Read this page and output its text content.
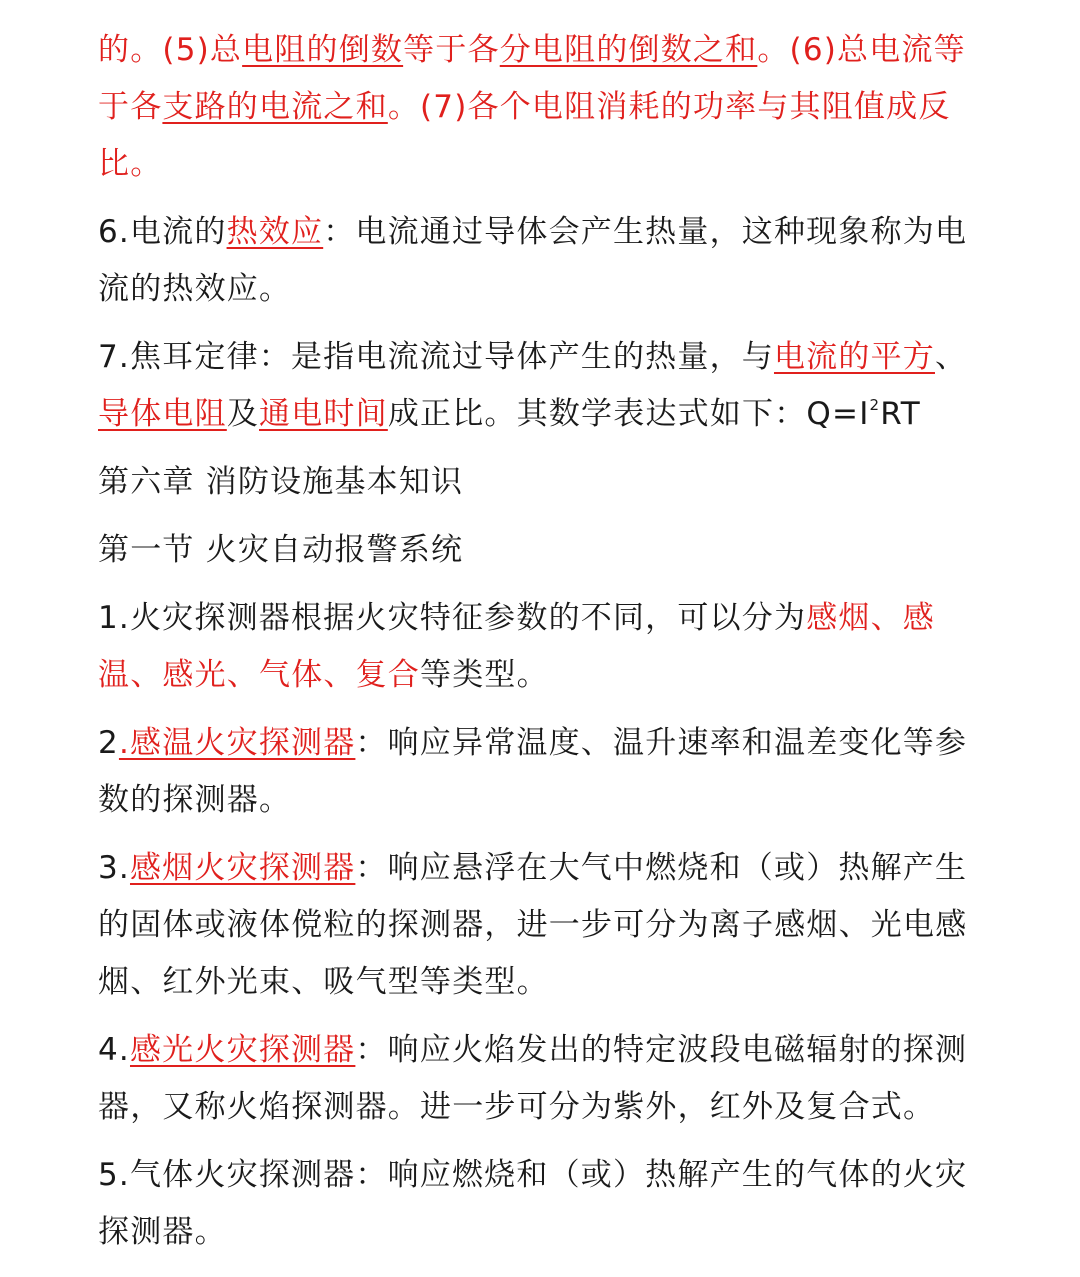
的。(5)总电阻的倒数等于各分电阻的倒数之和。(6)总电流等于各支路的电流之和。(7)各个电阻消耗的功率与其阻值成反比。

6.电流的热效应：电流通过导体会产生热量，这种现象称为电流的热效应。

7.焦耳定律：是指电流流过导体产生的热量，与电流的平方、导体电阻及通电时间成正比。其数学表达式如下：$Q=I^2RT$

第六章 消防设施基本知识

第一节 火灾自动报警系统

1.火灾探测器根据火灾特征参数的不同，可以分为感烟、感温、感光、气体、复合等类型。

2.感温火灾探测器：响应异常温度、温升速率和温差变化等参数的探测器。

3.感烟火灾探测器：响应悬浮在大气中燃烧和（或）热解产生的固体或液体傥粒的探测器，进一步可分为离子感烟、光电感烟、红外光束、吸气型等类型。

4.感光火灾探测器：响应火焰发出的特定波段电磁辐射的探测器，又称火焰探测器。进一步可分为紫外，红外及复合式。

5.气体火灾探测器：响应燃烧和（或）热解产生的气体的火灾探测器。
